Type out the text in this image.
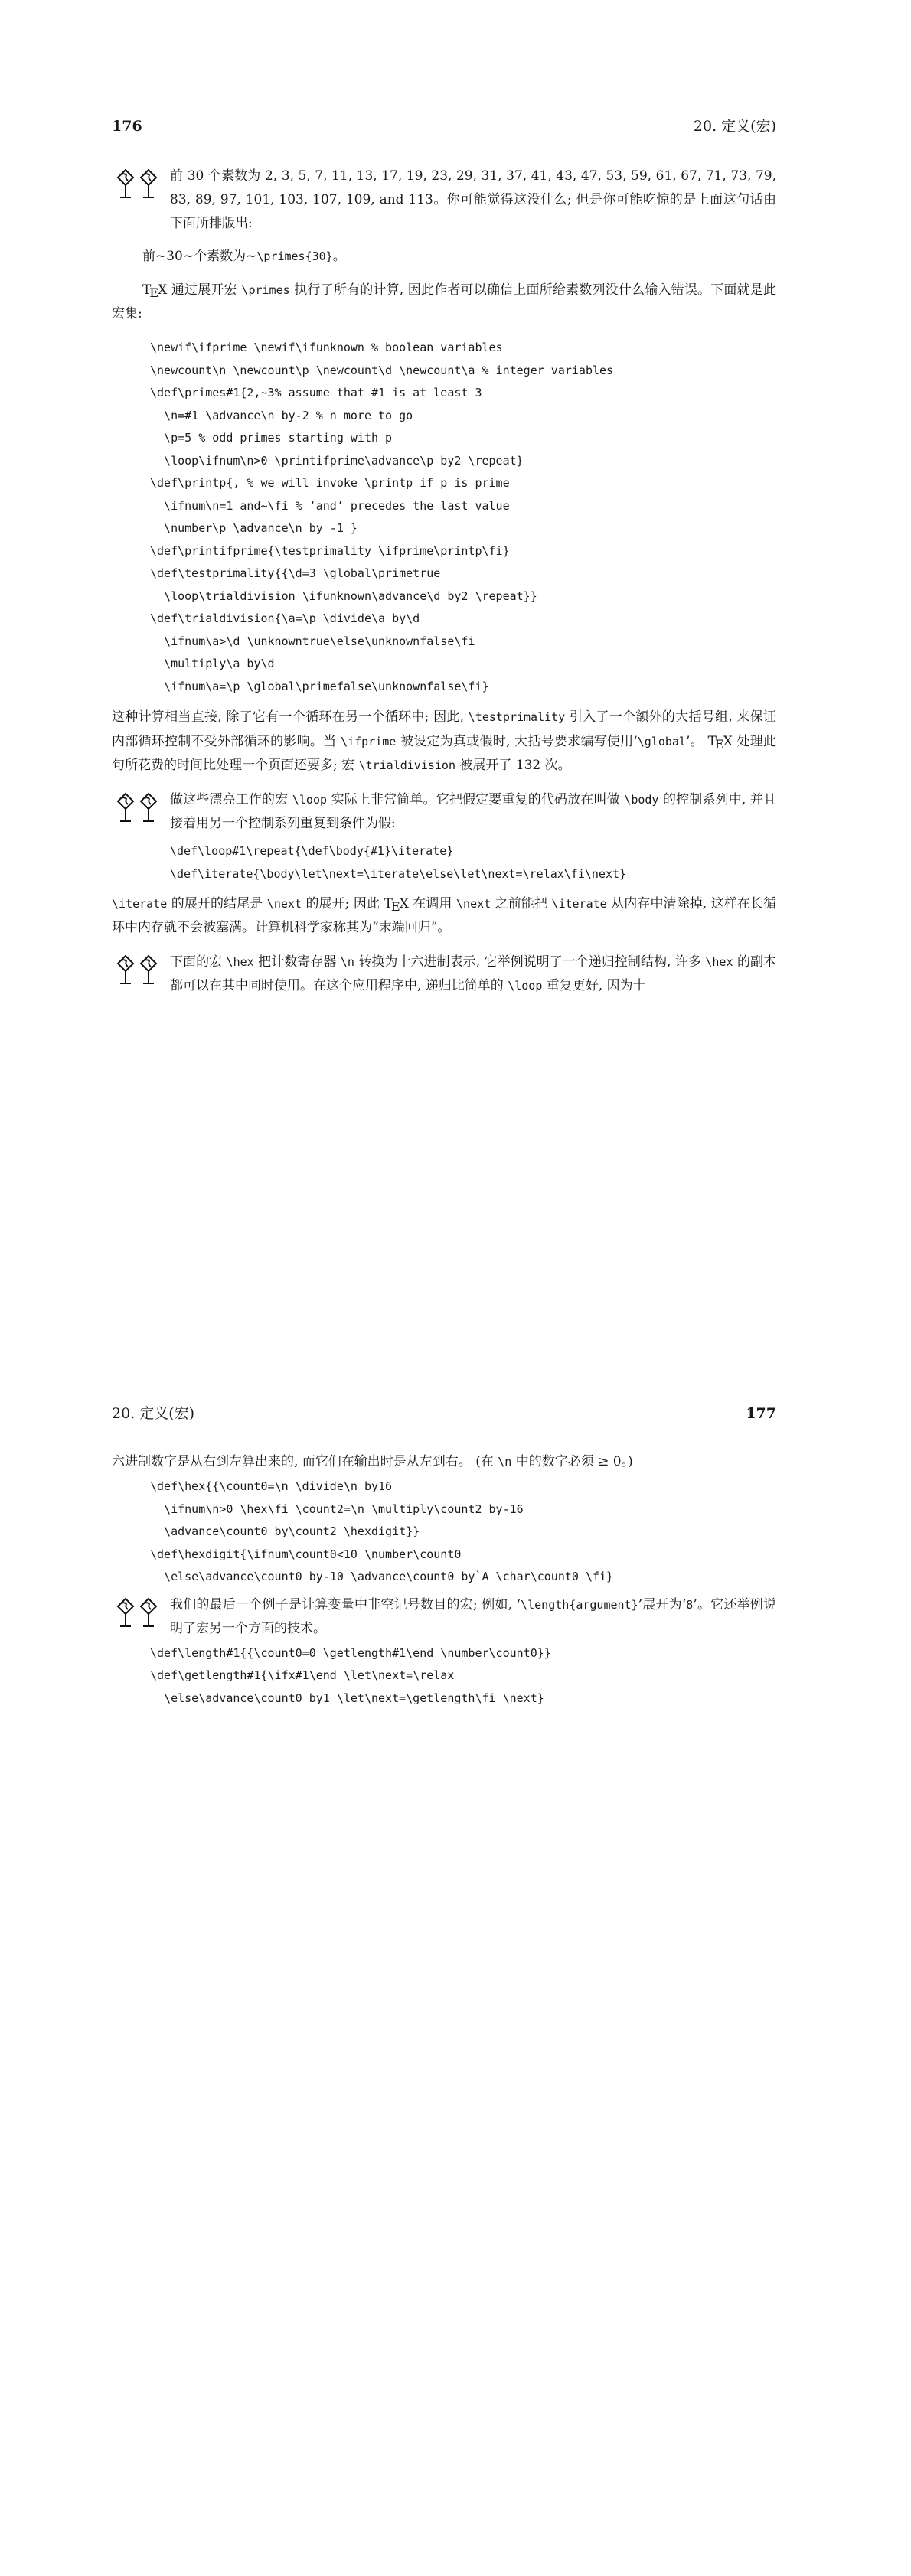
176	20. 定义(宏)

前 30 个素数为 2, 3, 5, 7, 11, 13, 17, 19, 23, 29, 31, 37, 41, 43, 47, 53, 59, 61, 67, 71, 73, 79, 83, 89, 97, 101, 103, 107, 109, and 113。你可能觉得这没什么; 但是你可能吃惊的是上面这句话由下面所排版出:

前~30~个素数为~\primes{30}。

TEX 通过展开宏 \primes 执行了所有的计算, 因此作者可以确信上面所给素数列没什么输入错误。下面就是此宏集:

\newif\ifprime \newif\ifunknown % boolean variables
\newcount\n \newcount\p \newcount\d \newcount\a % integer variables
\def\primes#1{2,~3% assume that #1 is at least 3
\n=#1 \advance\n by-2 % n more to go
\p=5 % odd primes starting with p
\loop\ifnum\n>0 \printifprime\advance\p by2 \repeat}
\def\printp{, % we will invoke \printp if p is prime
\ifnum\n=1 and~\fi % ‘and’ precedes the last value
\number\p \advance\n by -1 }
\def\printifprime{\testprimality \ifprime\printp\fi}
\def\testprimality{{\d=3 \global\primetrue
\loop\trialdivision \ifunknown\advance\d by2 \repeat}}
\def\trialdivision{\a=\p \divide\a by\d
\ifnum\a>\d \unknowntrue\else\unknownfalse\fi
\multiply\a by\d
\ifnum\a=\p \global\primefalse\unknownfalse\fi}

这种计算相当直接, 除了它有一个循环在另一个循环中; 因此, \testprimality 引入了一个额外的大括号组, 来保证内部循环控制不受外部循环的影响。当 \ifprime 被设定为真或假时, 大括号要求编写使用‘\global’。 TEX 处理此句所花费的时间比处理一个页面还要多; 宏 \trialdivision 被展开了 132 次。

做这些漂亮工作的宏 \loop 实际上非常简单。它把假定要重复的代码放在叫做 \body 的控制系列中, 并且接着用另一个控制系列重复到条件为假:

\def\loop#1\repeat{\def\body{#1}\iterate}
\def\iterate{\body\let\next=\iterate\else\let\next=\relax\fi\next}

\iterate 的展开的结尾是 \next 的展开; 因此 TEX 在调用 \next 之前能把 \iterate 从内存中清除掉, 这样在长循环中内存就不会被塞满。计算机科学家称其为“末端回归”。

下面的宏 \hex 把计数寄存器 \n 转换为十六进制表示, 它举例说明了一个递归控制结构, 许多 \hex 的副本都可以在其中同时使用。在这个应用程序中, 递归比简单的 \loop 重复更好, 因为十

20. 定义(宏)	177

六进制数字是从右到左算出来的, 而它们在输出时是从左到右。 (在 \n 中的数字必须 ≥ 0。)

\def\hex{{\count0=\n \divide\n by16
\ifnum\n>0 \hex\fi \count2=\n \multiply\count2 by-16
\advance\count0 by\count2 \hexdigit}}
\def\hexdigit{\ifnum\count0<10 \number\count0
\else\advance\count0 by-10 \advance\count0 by`A \char\count0 \fi}

我们的最后一个例子是计算变量中非空记号数目的宏; 例如, ‘\length{argument}’展开为‘8’。它还举例说明了宏另一个方面的技术。

\def\length#1{{\count0=0 \getlength#1\end \number\count0}}
\def\getlength#1{\ifx#1\end \let\next=\relax
\else\advance\count0 by1 \let\next=\getlength\fi \next}
